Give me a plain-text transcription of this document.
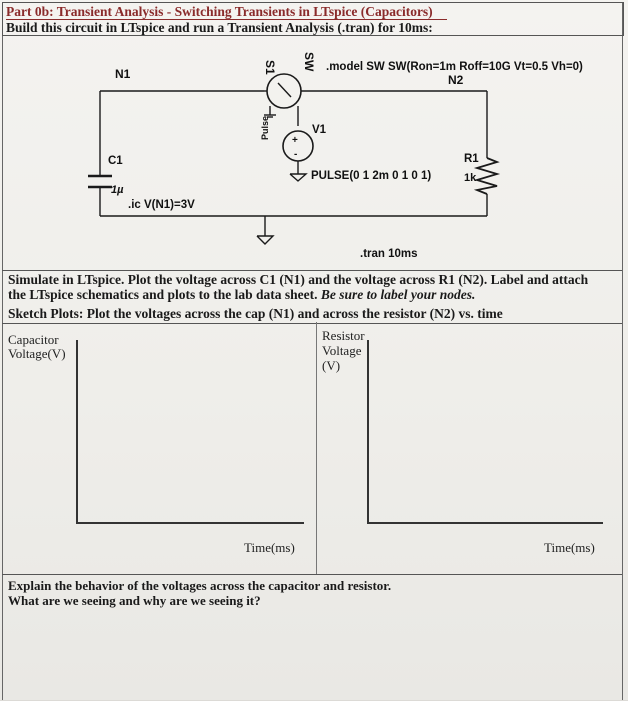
Part 0b: Transient Analysis - Switching Transients in LTspice (Capacitors)
Build this circuit in LTspice and run a Transient Analysis (.tran) for 10ms:
N1	N2
S1 SW .model SW SW(Ron=1m Roff=10G Vt=0.5 Vh=0)
V1
Pulse
+
-
PULSE(0 1 2m 0 1 0 1)
C1
1µ
.ic V(N1)=3V
R1
1k
.tran 10ms
Simulate in LTspice. Plot the voltage across C1 (N1) and the voltage across R1 (N2). Label and attach
the LTspice schematics and plots to the lab data sheet. Be sure to label your nodes.
Sketch Plots: Plot the voltages across the cap (N1) and across the resistor (N2) vs. time
Capacitor
Voltage(V)
Time(ms)
Resistor
Voltage
(V)
Time(ms)
Explain the behavior of the voltages across the capacitor and resistor.
What are we seeing and why are we seeing it?
